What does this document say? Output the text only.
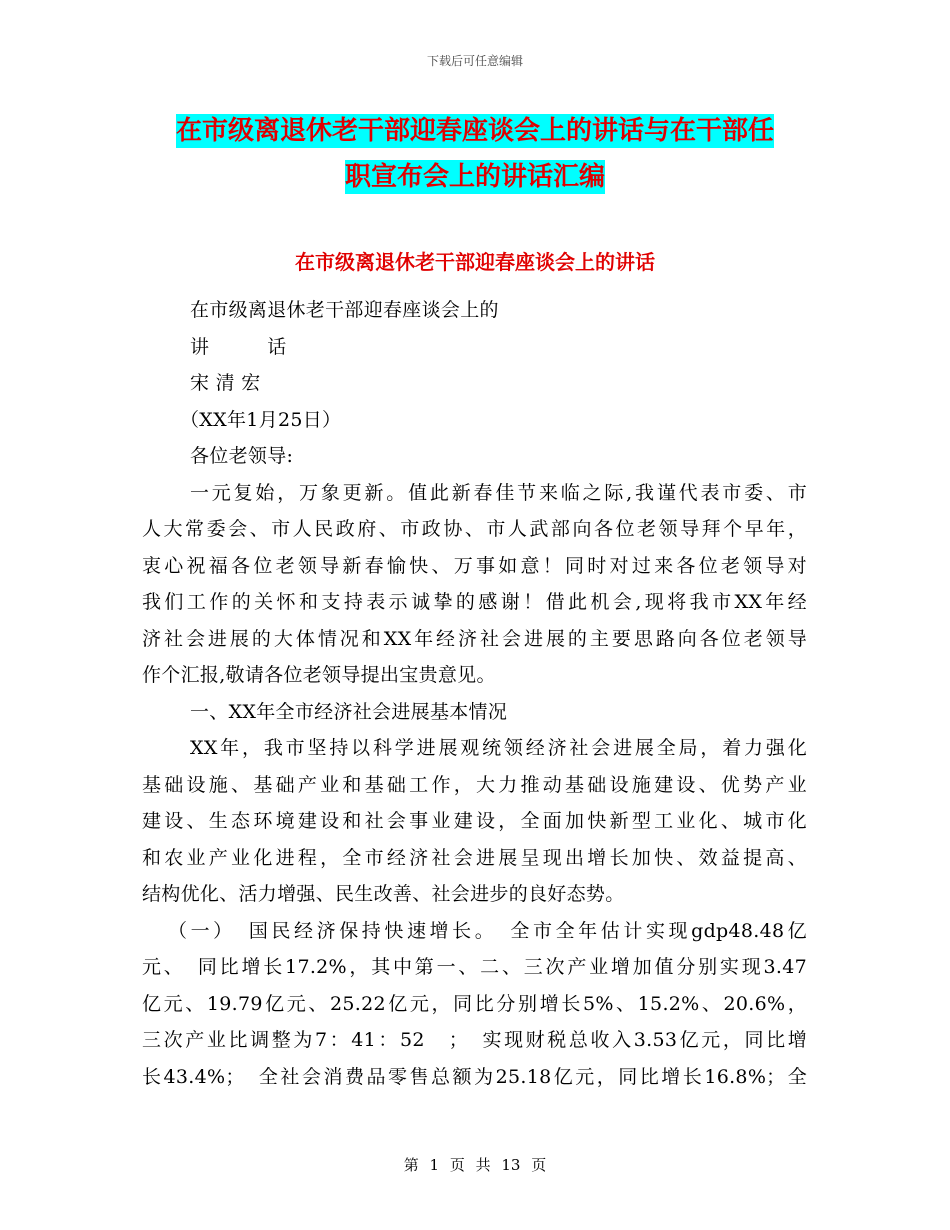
下载后可任意编辑
在市级离退休老干部迎春座谈会上的讲话与在干部任
职宣布会上的讲话汇编
在市级离退休老干部迎春座谈会上的讲话

在市级离退休老干部迎春座谈会上的

讲　　　话

宋 清 宏

（XX年1月25日）

各位老领导:

一元复始，万象更新。值此新春佳节来临之际,我谨代表市委、市

人大常委会、市人民政府、市政协、市人武部向各位老领导拜个早年，

衷心祝福各位老领导新春愉快、万事如意！同时对过来各位老领导对

我们工作的关怀和支持表示诚挚的感谢！借此机会,现将我市XX年经

济社会进展的大体情况和XX年经济社会进展的主要思路向各位老领导

作个汇报,敬请各位老领导提出宝贵意见。

一、XX年全市经济社会进展基本情况

XX年，我市坚持以科学进展观统领经济社会进展全局，着力强化

基础设施、基础产业和基础工作，大力推动基础设施建设、优势产业

建设、生态环境建设和社会事业建设，全面加快新型工业化、城市化

和农业产业化进程，全市经济社会进展呈现出增长加快、效益提高、

结构优化、活力增强、民生改善、社会进步的良好态势。

（一）　国民经济保持快速增长。　全市全年估计实现gdp48.48亿

元、　同比增长17.2%，其中第一、二、三次产业增加值分别实现3.47

亿元、19.79亿元、25.22亿元，同比分别增长5%、15.2%、20.6%，

三次产业比调整为7：41：52　；　实现财税总收入3.53亿元，同比增

长43.4%；　全社会消费品零售总额为25.18亿元，同比增长16.8%；全

第 1 页 共 13 页
